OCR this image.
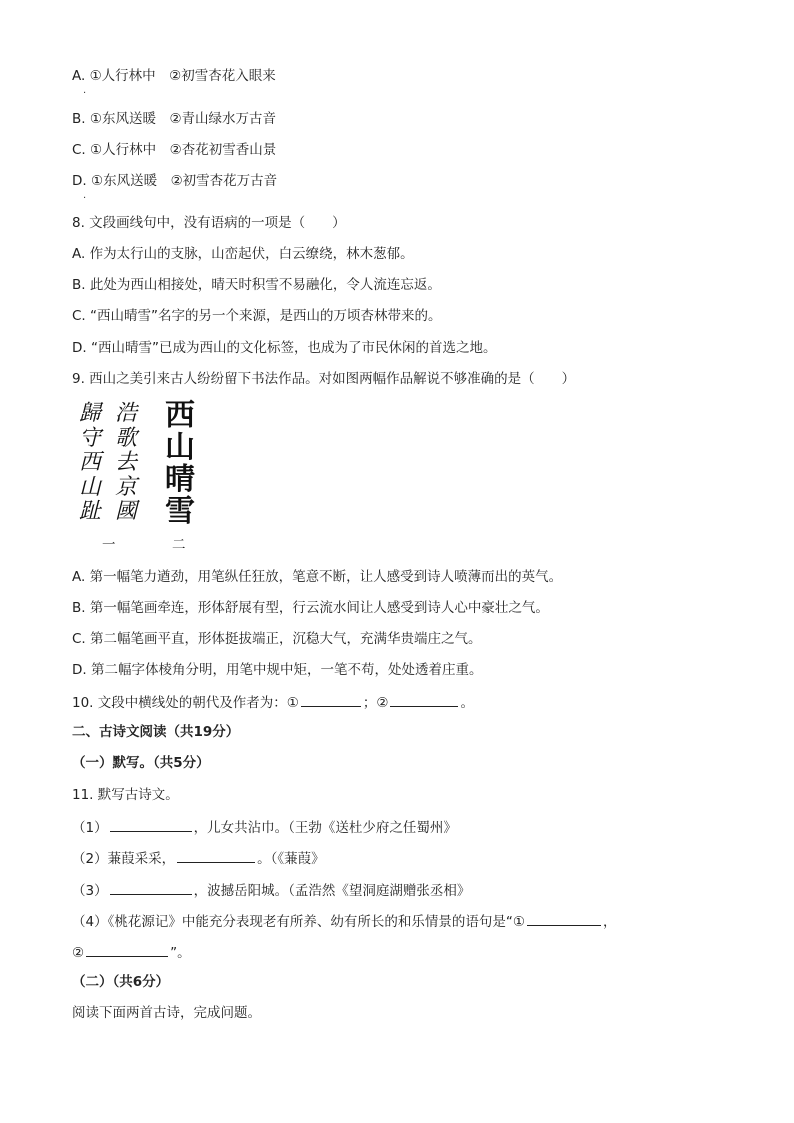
A. ①人行林中　②初雪杏花入眼来
.
B. ①东风送暖　②青山绿水万古音
C. ①人行林中　②杏花初雪香山景
D. ①东风送暖　②初雪杏花万古音
.
8. 文段画线句中，没有语病的一项是（　　）
A. 作为太行山的支脉，山峦起伏，白云缭绕，林木葱郁。
B. 此处为西山相接处，晴天时积雪不易融化，令人流连忘返。
C. “西山晴雪”名字的另一个来源，是西山的万顷杏林带来的。
D. “西山晴雪”已成为西山的文化标签，也成为了市民休闲的首选之地。
9. 西山之美引来古人纷纷留下书法作品。对如图两幅作品解说不够准确的是（　　）
歸
守
西
山
趾
浩
歌
去
京
國
西
山
晴
雪
一	二
A. 第一幅笔力遒劲，用笔纵任狂放，笔意不断，让人感受到诗人喷薄而出的英气。
B. 第一幅笔画牵连，形体舒展有型，行云流水间让人感受到诗人心中豪壮之气。
C. 第二幅笔画平直，形体挺拔端正，沉稳大气，充满华贵端庄之气。
D. 第二幅字体棱角分明，用笔中规中矩，一笔不苟，处处透着庄重。
10. 文段中横线处的朝代及作者为：①	；②	。
二、古诗文阅读（共19分）
（一）默写。（共5分）
11. 默写古诗文。
（1）	，儿女共沾巾。（王勃《送杜少府之任蜀州》
（2）蒹葭采采，	。（《蒹葭》
（3）	，波撼岳阳城。（孟浩然《望洞庭湖赠张丞相》
（4）《桃花源记》中能充分表现老有所养、幼有所长的和乐情景的语句是“①	，
②	”。
（二）（共6分）
阅读下面两首古诗，完成问题。
